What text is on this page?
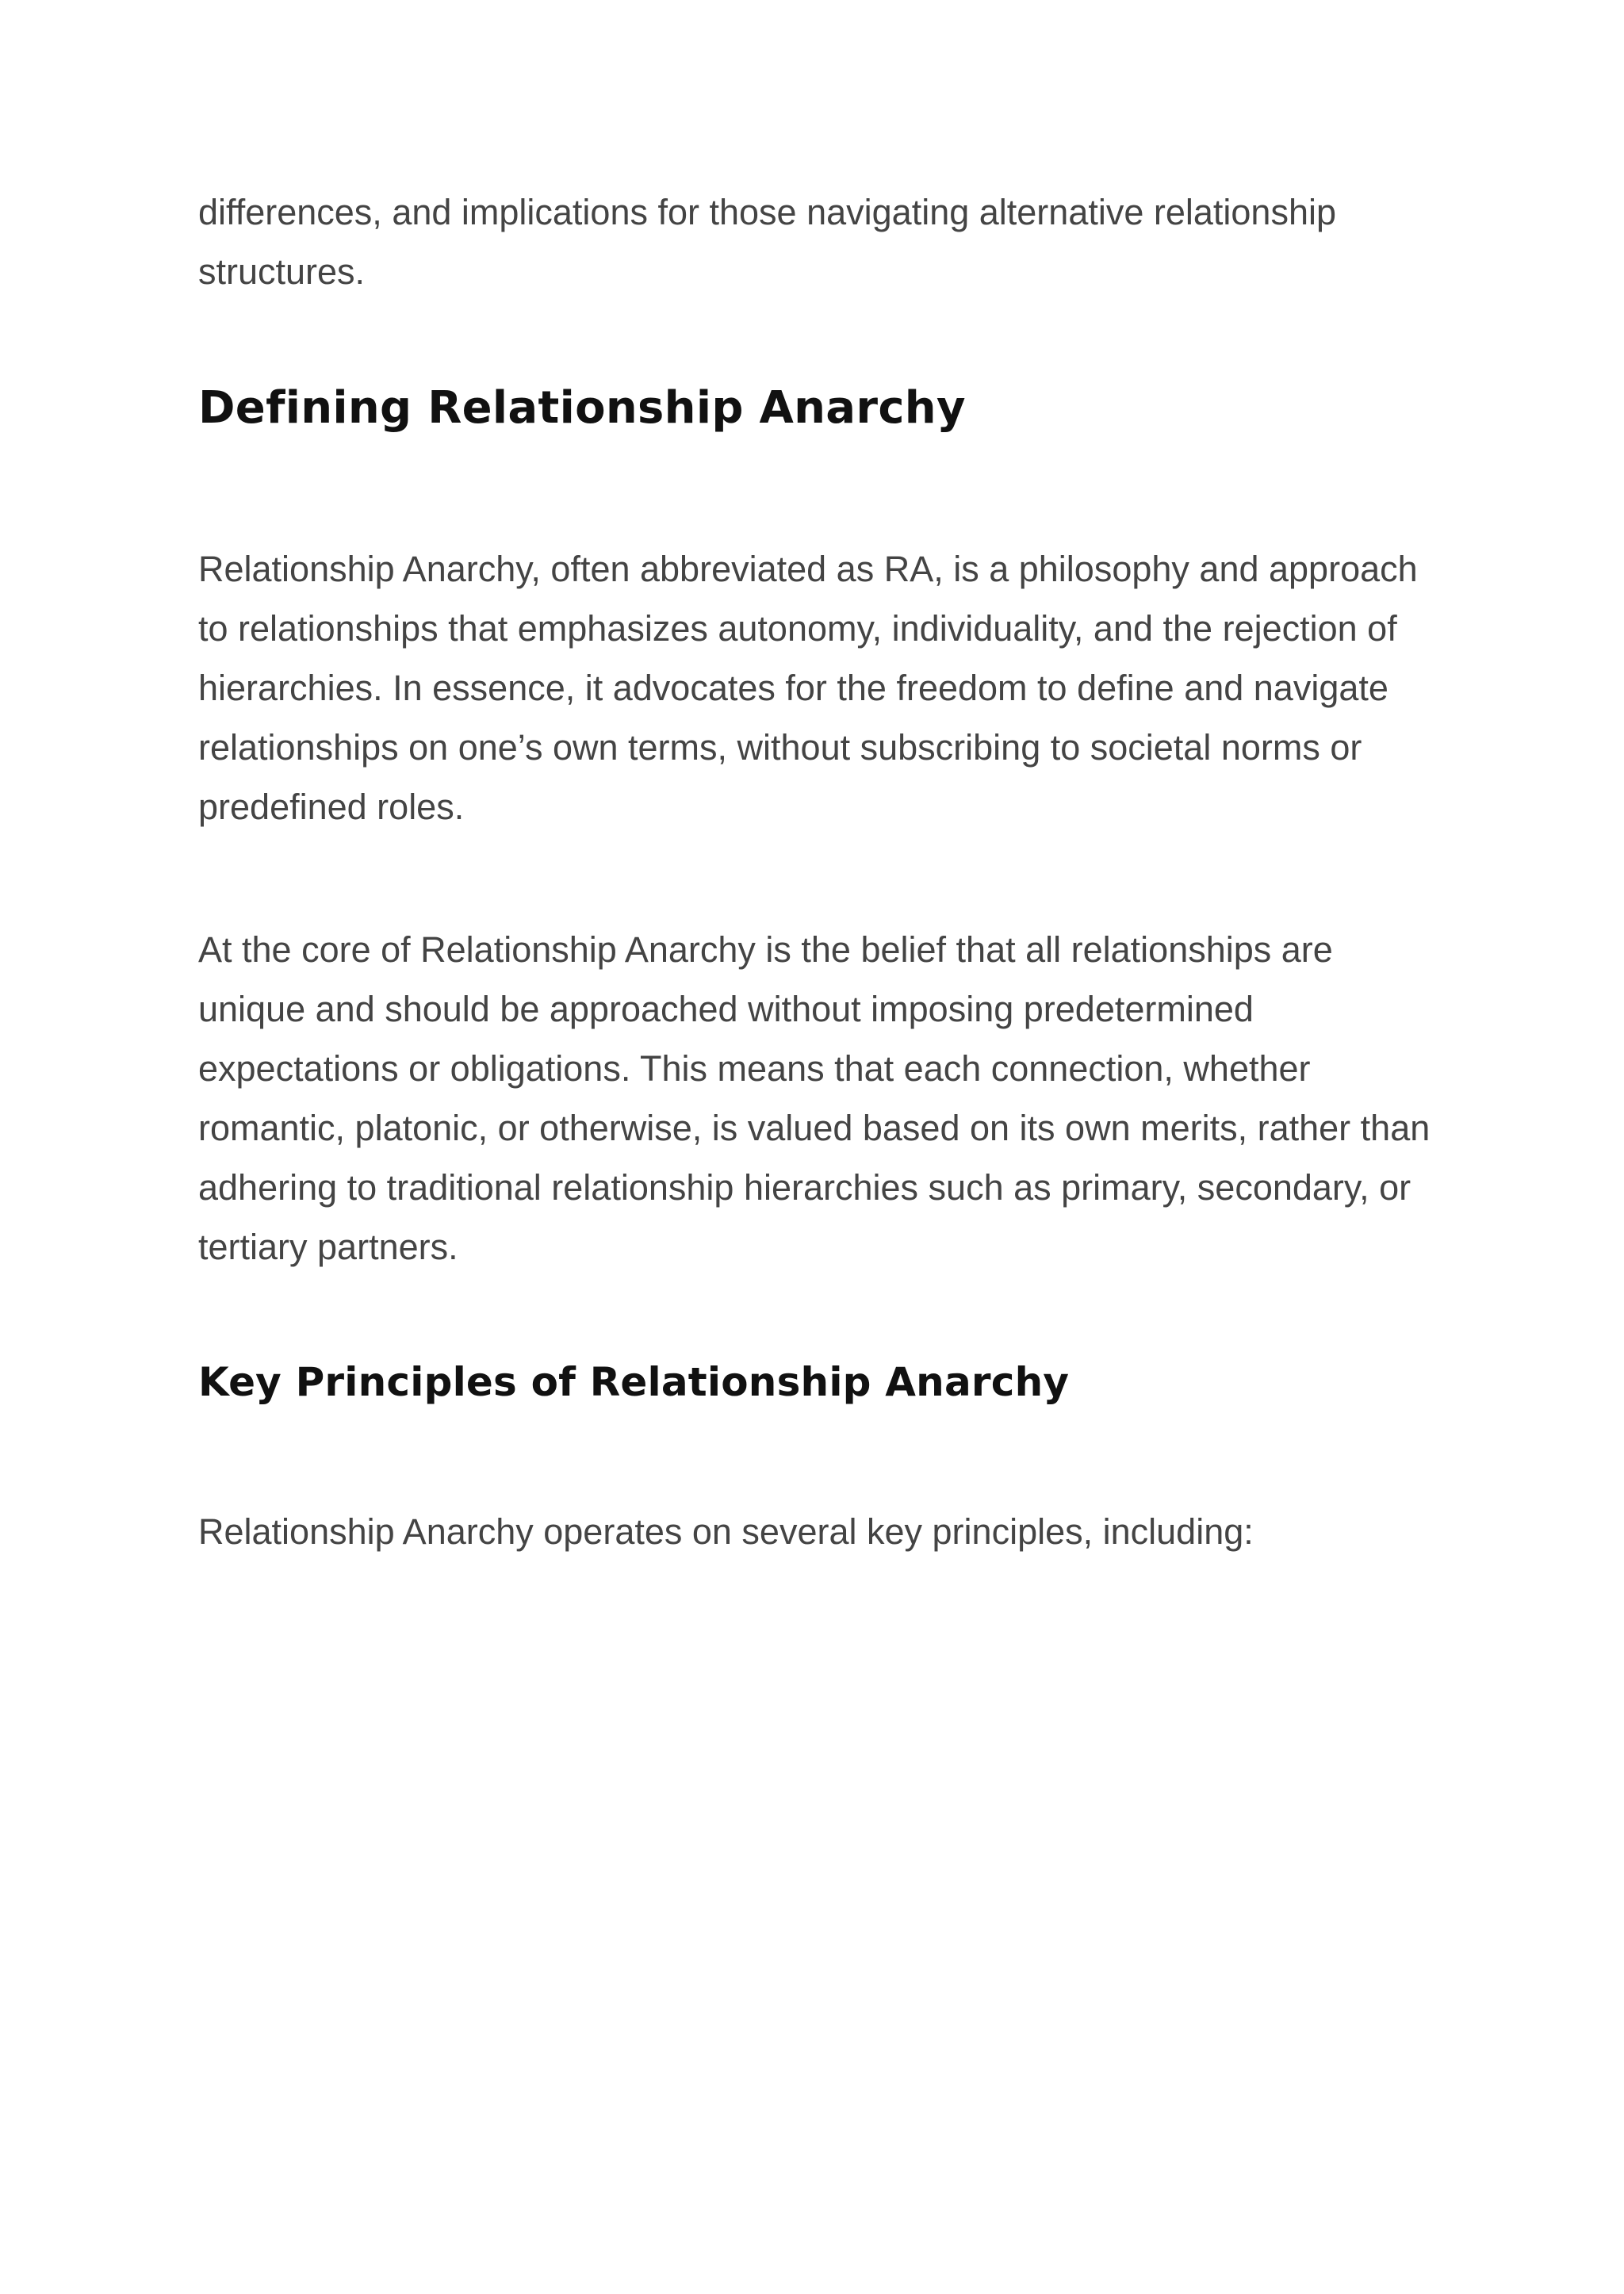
differences, and implications for those navigating alternative relationship structures.

Defining Relationship Anarchy

Relationship Anarchy, often abbreviated as RA, is a philosophy and approach to relationships that emphasizes autonomy, individuality, and the rejection of hierarchies. In essence, it advocates for the freedom to define and navigate relationships on one’s own terms, without subscribing to societal norms or predefined roles.

At the core of Relationship Anarchy is the belief that all relationships are unique and should be approached without imposing predetermined expectations or obligations. This means that each connection, whether romantic, platonic, or otherwise, is valued based on its own merits, rather than adhering to traditional relationship hierarchies such as primary, secondary, or tertiary partners.

Key Principles of Relationship Anarchy

Relationship Anarchy operates on several key principles, including:
